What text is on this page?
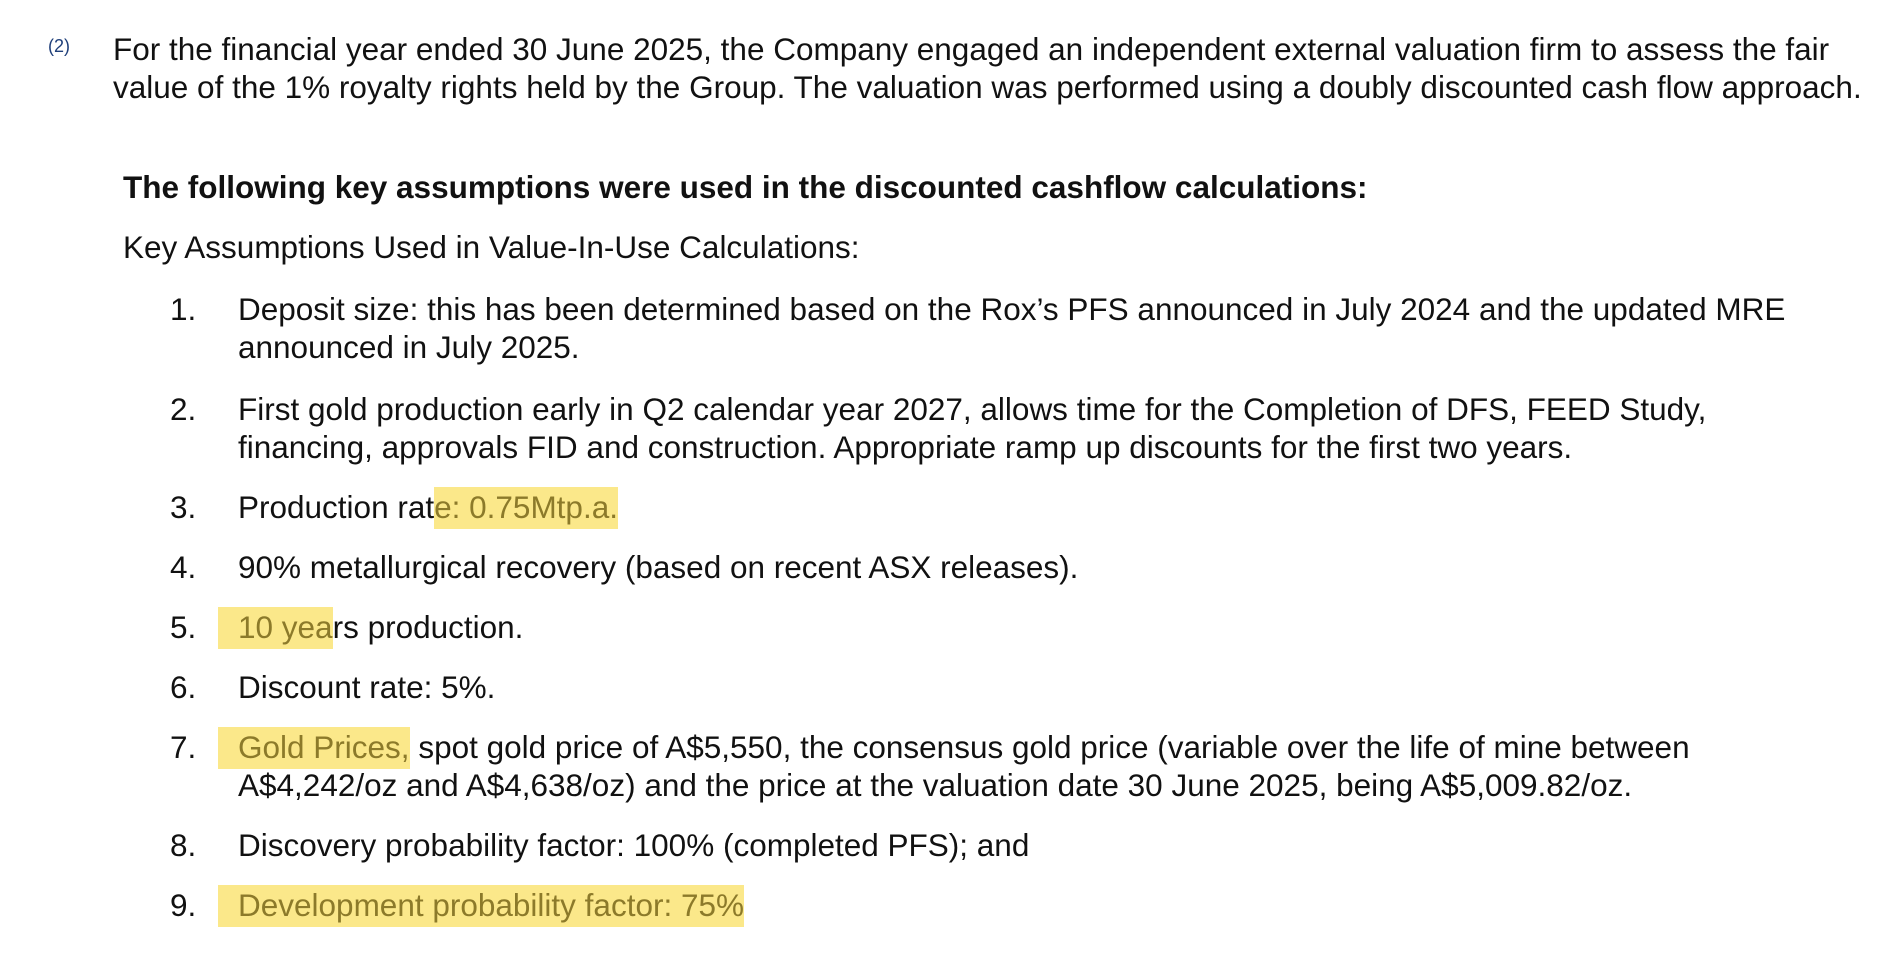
(2) For the financial year ended 30 June 2025, the Company engaged an independent external valuation firm to assess the fair value of the 1% royalty rights held by the Group. The valuation was performed using a doubly discounted cash flow approach.

The following key assumptions were used in the discounted cashflow calculations:

Key Assumptions Used in Value-In-Use Calculations:

1. Deposit size: this has been determined based on the Rox’s PFS announced in July 2024 and the updated MRE announced in July 2025.
2. First gold production early in Q2 calendar year 2027, allows time for the Completion of DFS, FEED Study, financing, approvals FID and construction. Appropriate ramp up discounts for the first two years.
3. Production rate: 0.75Mtp.a.
4. 90% metallurgical recovery (based on recent ASX releases).
5. 10 years production.
6. Discount rate: 5%.
7. Gold Prices, spot gold price of A$5,550, the consensus gold price (variable over the life of mine between A$4,242/oz and A$4,638/oz) and the price at the valuation date 30 June 2025, being A$5,009.82/oz.
8. Discovery probability factor: 100% (completed PFS); and
9. Development probability factor: 75%
